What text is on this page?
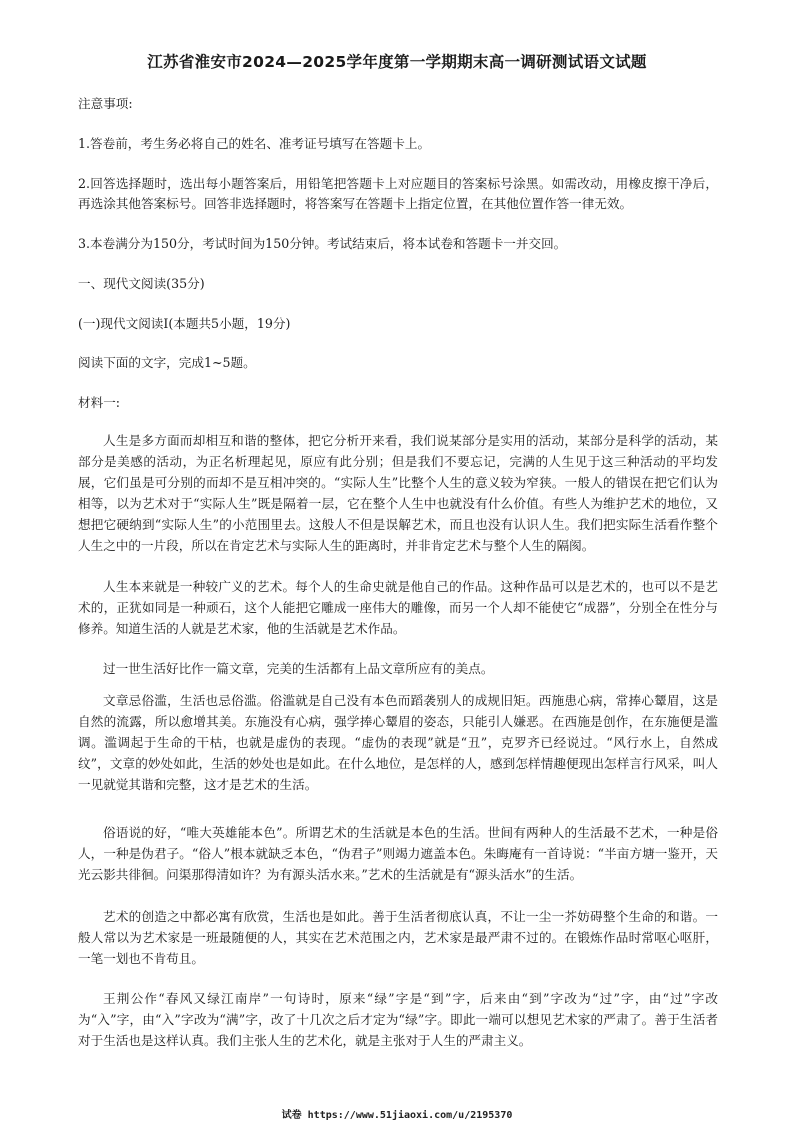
江苏省淮安市2024—2025学年度第一学期期末高一调研测试语文试题
注意事项:
1.答卷前，考生务必将自己的姓名、准考证号填写在答题卡上。
2.回答选择题时，选出每小题答案后，用铅笔把答题卡上对应题目的答案标号涂黑。如需改动，用橡皮擦干净后，再选涂其他答案标号。回答非选择题时，将答案写在答题卡上指定位置，在其他位置作答一律无效。
3.本卷满分为150分，考试时间为150分钟。考试结束后，将本试卷和答题卡一并交回。
一、现代文阅读(35分)
(一)现代文阅读Ⅰ(本题共5小题，19分)
阅读下面的文字，完成1~5题。
材料一:
人生是多方面而却相互和谐的整体，把它分析开来看，我们说某部分是实用的活动，某部分是科学的活动，某部分是美感的活动，为正名析理起见，原应有此分别；但是我们不要忘记，完满的人生见于这三种活动的平均发展，它们虽是可分别的而却不是互相冲突的。“实际人生”比整个人生的意义较为窄狭。一般人的错误在把它们认为相等，以为艺术对于“实际人生”既是隔着一层，它在整个人生中也就没有什么价值。有些人为维护艺术的地位，又想把它硬纳到“实际人生”的小范围里去。这般人不但是误解艺术，而且也没有认识人生。我们把实际生活看作整个人生之中的一片段，所以在肯定艺术与实际人生的距离时，并非肯定艺术与整个人生的隔阂。
人生本来就是一种较广义的艺术。每个人的生命史就是他自己的作品。这种作品可以是艺术的，也可以不是艺术的，正犹如同是一种顽石，这个人能把它雕成一座伟大的雕像，而另一个人却不能使它“成器”，分别全在性分与修养。知道生活的人就是艺术家，他的生活就是艺术作品。
过一世生活好比作一篇文章，完美的生活都有上品文章所应有的美点。
文章忌俗滥，生活也忌俗滥。俗滥就是自己没有本色而蹈袭别人的成规旧矩。西施患心病，常捧心颦眉，这是自然的流露，所以愈增其美。东施没有心病，强学捧心颦眉的姿态，只能引人嫌恶。在西施是创作，在东施便是滥调。滥调起于生命的干枯，也就是虚伪的表现。“虚伪的表现”就是“丑”，克罗齐已经说过。“风行水上，自然成纹”，文章的妙处如此，生活的妙处也是如此。在什么地位，是怎样的人，感到怎样情趣便现出怎样言行风采，叫人一见就觉其谐和完整，这才是艺术的生活。
俗语说的好，“唯大英雄能本色”。所谓艺术的生活就是本色的生活。世间有两种人的生活最不艺术，一种是俗人，一种是伪君子。“俗人”根本就缺乏本色，“伪君子”则竭力遮盖本色。朱晦庵有一首诗说：“半亩方塘一鉴开，天光云影共徘徊。问渠那得清如许？为有源头活水来。”艺术的生活就是有“源头活水”的生活。
艺术的创造之中都必寓有欣赏，生活也是如此。善于生活者彻底认真，不让一尘一芥妨碍整个生命的和谐。一般人常以为艺术家是一班最随便的人，其实在艺术范围之内，艺术家是最严肃不过的。在锻炼作品时常呕心呕肝，一笔一划也不肯苟且。
王荆公作“春风又绿江南岸”一句诗时，原来“绿”字是“到”字，后来由“到”字改为“过”字，由“过”字改为“入”字，由“入”字改为“满”字，改了十几次之后才定为“绿”字。即此一端可以想见艺术家的严肃了。善于生活者对于生活也是这样认真。我们主张人生的艺术化，就是主张对于人生的严肃主义。
试卷 https://www.51jiaoxi.com/u/2195370
